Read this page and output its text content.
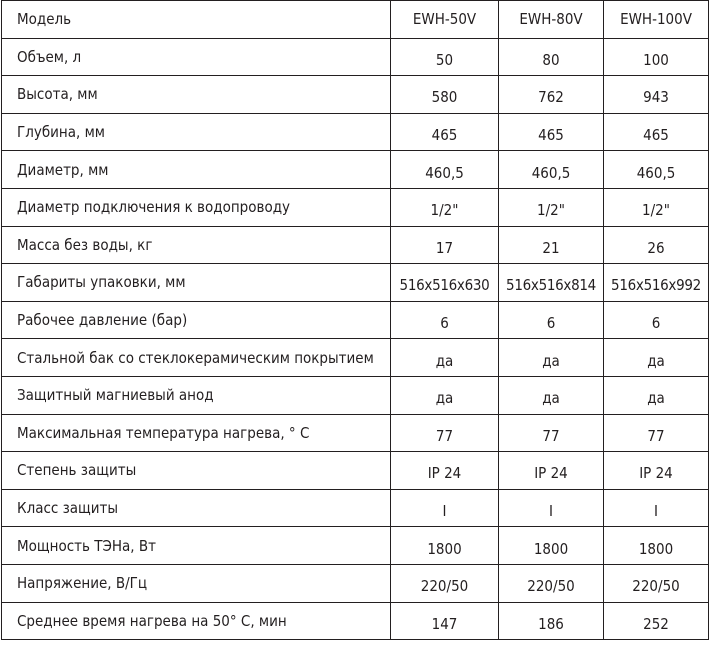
Модель	EWH-50V	EWH-80V	EWH-100V
Объем, л	50	80	100
Высота, мм	580	762	943
Глубина, мм	465	465	465
Диаметр, мм	460,5	460,5	460,5
Диаметр подключения к водопроводу	1/2"	1/2"	1/2"
Масса без воды, кг	17	21	26
Габариты упаковки, мм	516x516x630	516x516x814	516x516x992
Рабочее давление (бар)	6	6	6
Стальной бак со стеклокерамическим покрытием	да	да	да
Защитный магниевый анод	да	да	да
Максимальная температура нагрева, ° С	77	77	77
Степень защиты	IP 24	IP 24	IP 24
Класс защиты	I	I	I
Мощность ТЭНа, Вт	1800	1800	1800
Напряжение, В/Гц	220/50	220/50	220/50
Среднее время нагрева на 50° С, мин	147	186	252
